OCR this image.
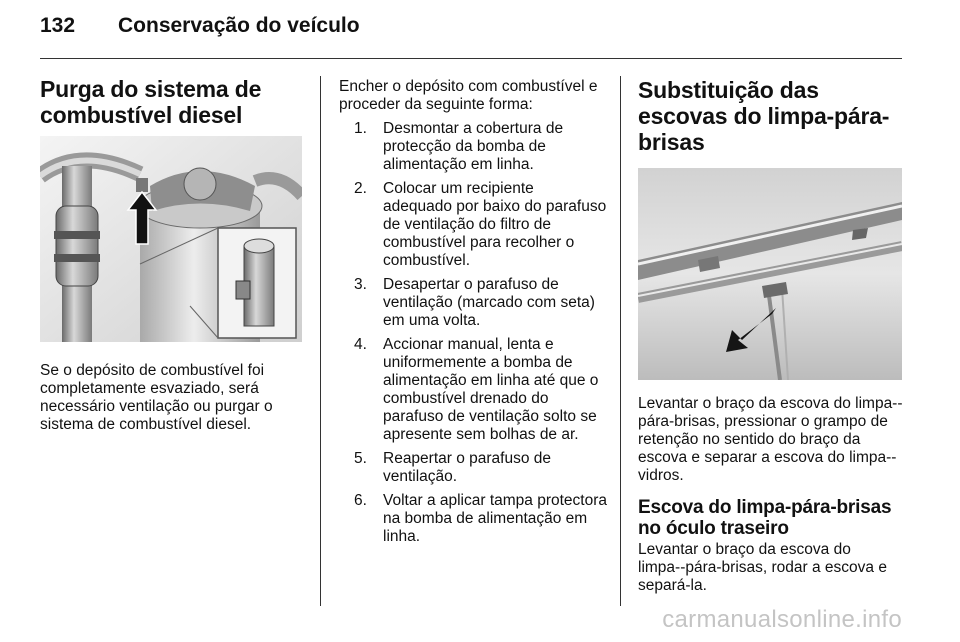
132 Conservação do veículo
Purga do sistema de combustível diesel

Se o depósito de combustível foi completamente esvaziado, será necessário ventilação ou purgar o sistema de combustível diesel.

Encher o depósito com combustível e proceder da seguinte forma:

1. Desmontar a cobertura de protecção da bomba de alimentação em linha.
2. Colocar um recipiente adequado por baixo do parafuso de ventilação do filtro de combustível para recolher o combustível.
3. Desapertar o parafuso de ventilação (marcado com seta) em uma volta.
4. Accionar manual, lenta e uniformemente a bomba de alimentação em linha até que o combustível drenado do parafuso de ventilação solto se apresente sem bolhas de ar.
5. Reapertar o parafuso de ventilação.
6. Voltar a aplicar tampa protectora na bomba de alimentação em linha.
Substituição das escovas do limpa-pára-brisas

Levantar o braço da escova do limpa--pára-brisas, pressionar o grampo de retenção no sentido do braço da escova e separar a escova do limpa--vidros.

Escova do limpa-pára-brisas no óculo traseiro

Levantar o braço da escova do limpa--pára-brisas, rodar a escova e separá-la.

carmanualsonline.info
